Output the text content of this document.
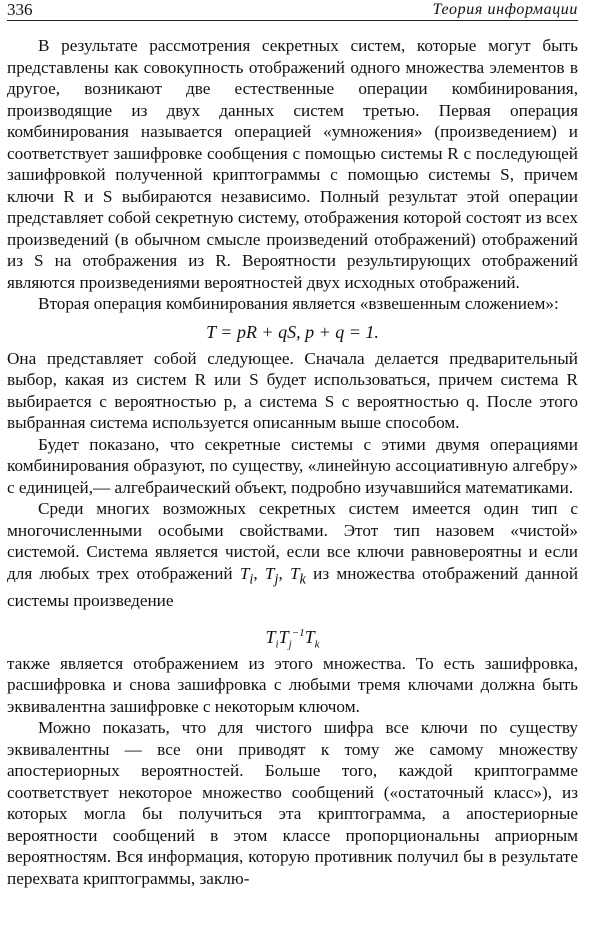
336	Теория информации

В результате рассмотрения секретных систем, которые могут быть представлены как совокупность отображений одного множества элементов в другое, возникают две естественные операции комбинирования, производящие из двух данных систем третью. Первая операция комбинирования называется операцией «умножения» (произведением) и соответствует зашифровке сообщения с помощью системы R с последующей зашифровкой полученной криптограммы с помощью системы S, причем ключи R и S выбираются независимо. Полный результат этой операции представляет собой секретную систему, отображения которой состоят из всех произведений (в обычном смысле произведений отображений) отображений из S на отображения из R. Вероятности результирующих отображений являются произведениями вероятностей двух исходных отображений.

Вторая операция комбинирования является «взвешенным сложением»:

T = pR + qS, p + q = 1.

Она представляет собой следующее. Сначала делается предварительный выбор, какая из систем R или S будет использоваться, причем система R выбирается с вероятностью p, а система S с вероятностью q. После этого выбранная система используется описанным выше способом.

Будет показано, что секретные системы с этими двумя операциями комбинирования образуют, по существу, «линейную ассоциативную алгебру» с единицей,— алгебраический объект, подробно изучавшийся математиками.

Среди многих возможных секретных систем имеется один тип с многочисленными особыми свойствами. Этот тип назовем «чистой» системой. Система является чистой, если все ключи равновероятны и если для любых трех отображений $T_i$, $T_j$, $T_k$ из множества отображений данной системы произведение

$T_iT_j^{-1}T_k$

также является отображением из этого множества. То есть зашифровка, расшифровка и снова зашифровка с любыми тремя ключами должна быть эквивалентна зашифровке с некоторым ключом.

Можно показать, что для чистого шифра все ключи по существу эквивалентны — все они приводят к тому же самому множеству апостериорных вероятностей. Больше того, каждой криптограмме соответствует некоторое множество сообщений («остаточный класс»), из которых могла бы получиться эта криптограмма, а апостериорные вероятности сообщений в этом классе пропорциональны априорным вероятностям. Вся информация, которую противник получил бы в результате перехвата криптограммы, заклю-
